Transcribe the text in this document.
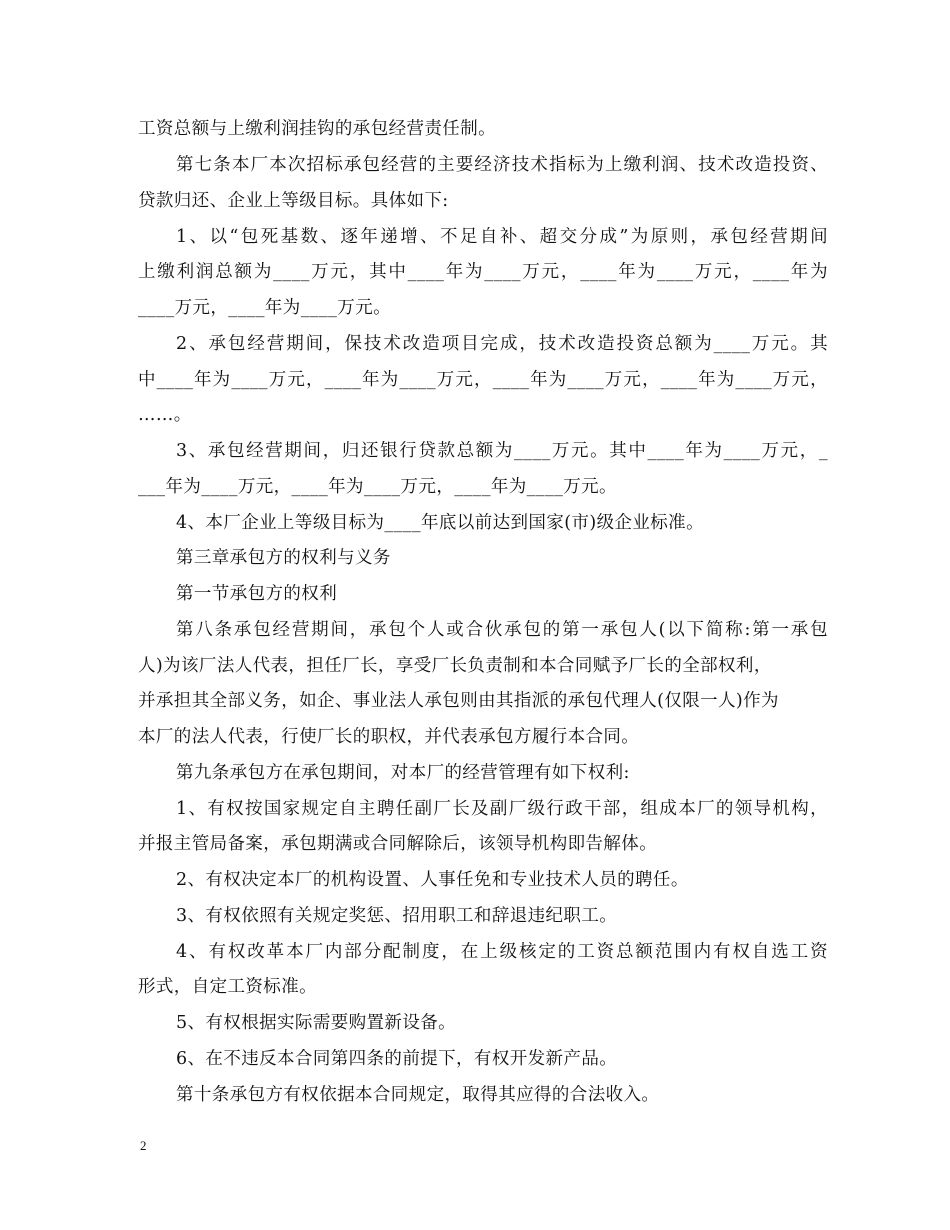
工资总额与上缴利润挂钩的承包经营责任制。
第七条本厂本次招标承包经营的主要经济技术指标为上缴利润、技术改造投资、
贷款归还、企业上等级目标。具体如下:
1、以“包死基数、逐年递增、不足自补、超交分成”为原则，承包经营期间
上缴利润总额为____万元，其中____年为____万元，____年为____万元，____年为
____万元，____年为____万元。
2、承包经营期间，保技术改造项目完成，技术改造投资总额为____万元。其
中____年为____万元，____年为____万元，____年为____万元，____年为____万元，
……。
3、承包经营期间，归还银行贷款总额为____万元。其中____年为____万元，_
___年为____万元，____年为____万元，____年为____万元。
4、本厂企业上等级目标为____年底以前达到国家(市)级企业标准。
第三章承包方的权利与义务
第一节承包方的权利
第八条承包经营期间，承包个人或合伙承包的第一承包人(以下简称:第一承包
人)为该厂法人代表，担任厂长，享受厂长负责制和本合同赋予厂长的全部权利，
并承担其全部义务，如企、事业法人承包则由其指派的承包代理人(仅限一人)作为
本厂的法人代表，行使厂长的职权，并代表承包方履行本合同。
第九条承包方在承包期间，对本厂的经营管理有如下权利:
1、有权按国家规定自主聘任副厂长及副厂级行政干部，组成本厂的领导机构，
并报主管局备案，承包期满或合同解除后，该领导机构即告解体。
2、有权决定本厂的机构设置、人事任免和专业技术人员的聘任。
3、有权依照有关规定奖惩、招用职工和辞退违纪职工。
4、有权改革本厂内部分配制度，在上级核定的工资总额范围内有权自选工资
形式，自定工资标准。
5、有权根据实际需要购置新设备。
6、在不违反本合同第四条的前提下，有权开发新产品。
第十条承包方有权依据本合同规定，取得其应得的合法收入。
2
